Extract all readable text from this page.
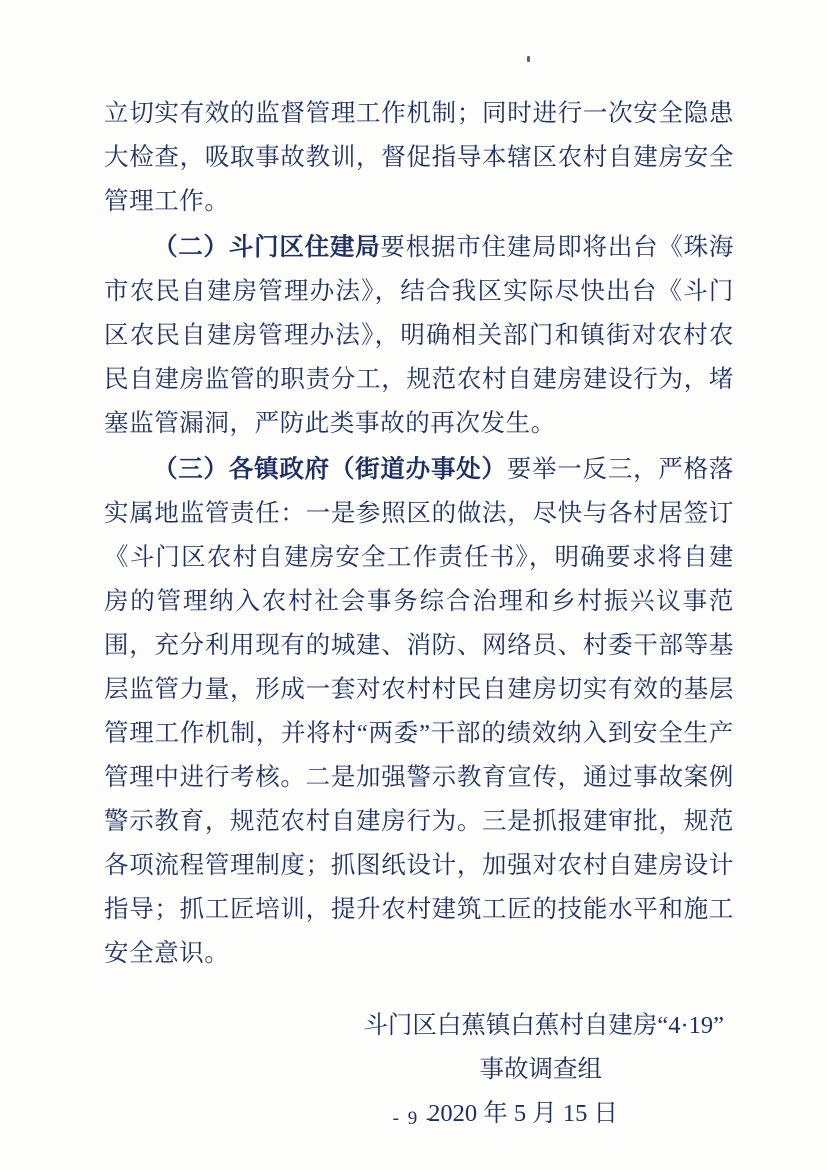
立切实有效的监督管理工作机制；同时进行一次安全隐患大检查，吸取事故教训，督促指导本辖区农村自建房安全管理工作。

（二）斗门区住建局要根据市住建局即将出台《珠海市农民自建房管理办法》，结合我区实际尽快出台《斗门区农民自建房管理办法》，明确相关部门和镇街对农村农民自建房监管的职责分工，规范农村自建房建设行为，堵塞监管漏洞，严防此类事故的再次发生。

（三）各镇政府（街道办事处）要举一反三，严格落实属地监管责任：一是参照区的做法，尽快与各村居签订《斗门区农村自建房安全工作责任书》，明确要求将自建房的管理纳入农村社会事务综合治理和乡村振兴议事范围，充分利用现有的城建、消防、网络员、村委干部等基层监管力量，形成一套对农村村民自建房切实有效的基层管理工作机制，并将村“两委”干部的绩效纳入到安全生产管理中进行考核。二是加强警示教育宣传，通过事故案例警示教育，规范农村自建房行为。三是抓报建审批，规范各项流程管理制度；抓图纸设计，加强对农村自建房设计指导；抓工匠培训，提升农村建筑工匠的技能水平和施工安全意识。

斗门区白蕉镇白蕉村自建房“4·19”
事故调查组
2020 年 5 月 15 日
- 9 -
